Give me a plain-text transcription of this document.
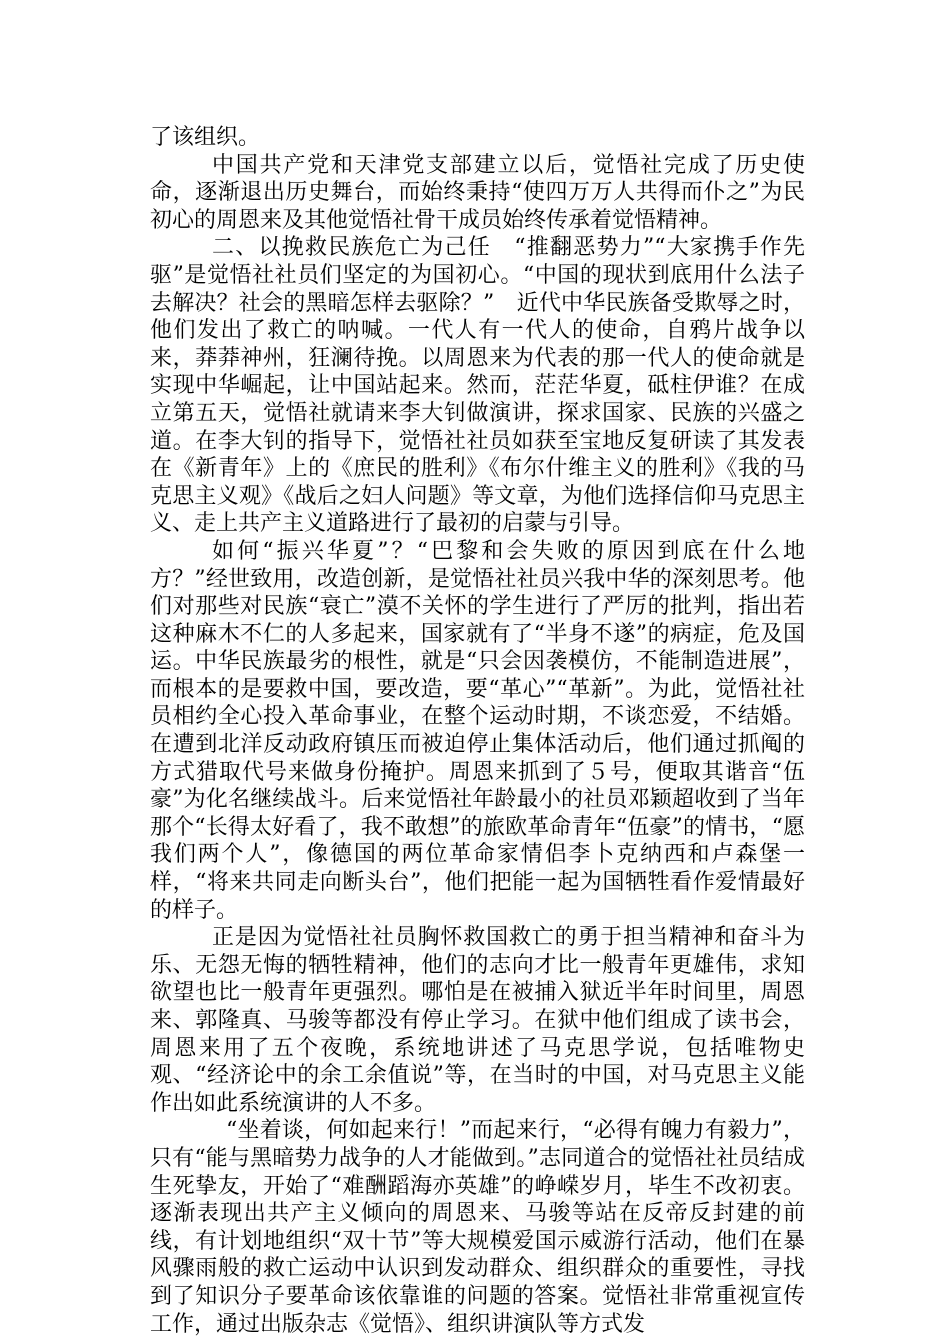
了该组织。

中国共产党和天津党支部建立以后，觉悟社完成了历史使命，逐渐退出历史舞台，而始终秉持“使四万万人共得而仆之”为民初心的周恩来及其他觉悟社骨干成员始终传承着觉悟精神。

二、以挽救民族危亡为己任　“推翻恶势力”“大家携手作先驱”是觉悟社社员们坚定的为国初心。“中国的现状到底用什么法子去解决？社会的黑暗怎样去驱除？”　近代中华民族备受欺辱之时，他们发出了救亡的呐喊。一代人有一代人的使命，自鸦片战争以来，莽莽神州，狂澜待挽。以周恩来为代表的那一代人的使命就是实现中华崛起，让中国站起来。然而，茫茫华夏，砥柱伊谁？在成立第五天，觉悟社就请来李大钊做演讲，探求国家、民族的兴盛之道。在李大钊的指导下，觉悟社社员如获至宝地反复研读了其发表在《新青年》上的《庶民的胜利》《布尔什维主义的胜利》《我的马克思主义观》《战后之妇人问题》等文章，为他们选择信仰马克思主义、走上共产主义道路进行了最初的启蒙与引导。

如何“振兴华夏”？“巴黎和会失败的原因到底在什么地方？”经世致用，改造创新，是觉悟社社员兴我中华的深刻思考。他们对那些对民族“衰亡”漠不关怀的学生进行了严厉的批判，指出若这种麻木不仁的人多起来，国家就有了“半身不遂”的病症，危及国运。中华民族最劣的根性，就是“只会因袭模仿，不能制造进展”，而根本的是要救中国，要改造，要“革心”“革新”。为此，觉悟社社员相约全心投入革命事业，在整个运动时期，不谈恋爱，不结婚。在遭到北洋反动政府镇压而被迫停止集体活动后，他们通过抓阄的方式猎取代号来做身份掩护。周恩来抓到了５号，便取其谐音“伍豪”为化名继续战斗。后来觉悟社年龄最小的社员邓颖超收到了当年那个“长得太好看了，我不敢想”的旅欧革命青年“伍豪”的情书，“愿我们两个人”，像德国的两位革命家情侣李卜克纳西和卢森堡一样，“将来共同走向断头台”，他们把能一起为国牺牲看作爱情最好的样子。

正是因为觉悟社社员胸怀救国救亡的勇于担当精神和奋斗为乐、无怨无悔的牺牲精神，他们的志向才比一般青年更雄伟，求知欲望也比一般青年更强烈。哪怕是在被捕入狱近半年时间里，周恩来、郭隆真、马骏等都没有停止学习。在狱中他们组成了读书会，周恩来用了五个夜晚，系统地讲述了马克思学说，包括唯物史观、“经济论中的余工余值说”等，在当时的中国，对马克思主义能作出如此系统演讲的人不多。

“坐着谈，何如起来行！”而起来行，“必得有魄力有毅力”，只有“能与黑暗势力战争的人才能做到。”志同道合的觉悟社社员结成生死挚友，开始了“难酬蹈海亦英雄”的峥嵘岁月，毕生不改初衷。逐渐表现出共产主义倾向的周恩来、马骏等站在反帝反封建的前线，有计划地组织“双十节”等大规模爱国示威游行活动，他们在暴风骤雨般的救亡运动中认识到发动群众、组织群众的重要性，寻找到了知识分子要革命该依靠谁的问题的答案。觉悟社非常重视宣传工作，通过出版杂志《觉悟》、组织讲演队等方式发
